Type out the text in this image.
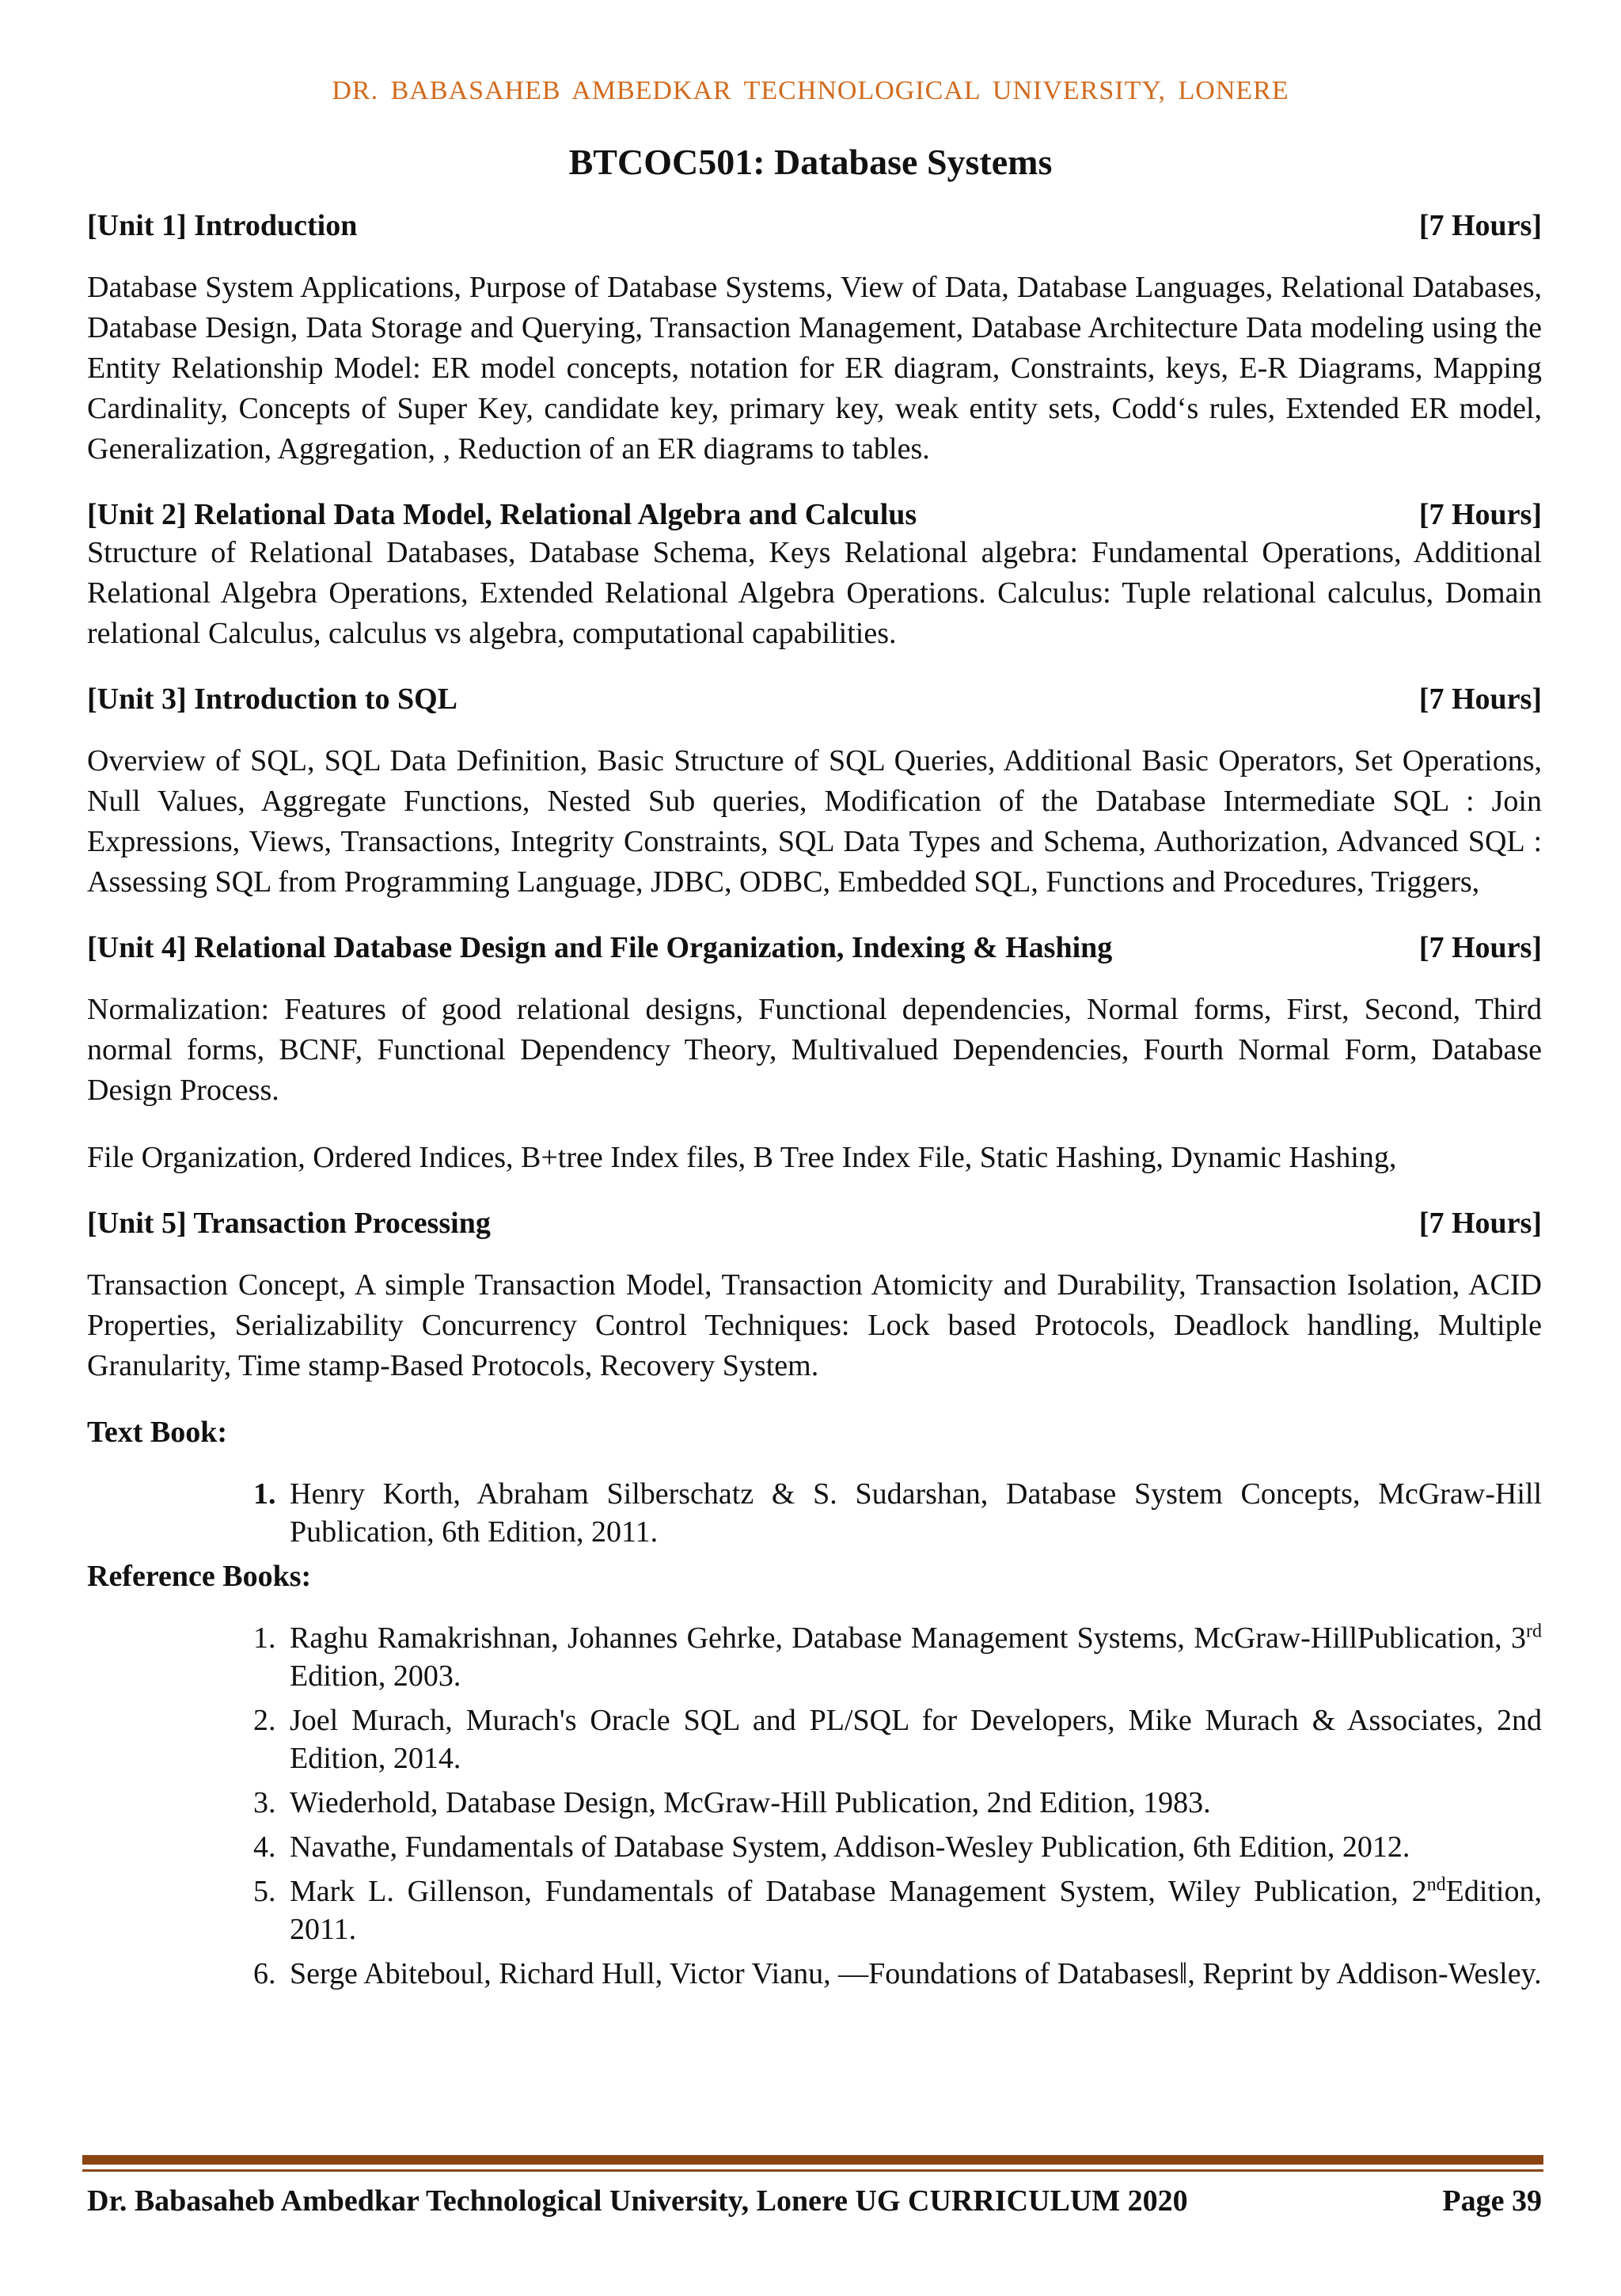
DR. BABASAHEB AMBEDKAR TECHNOLOGICAL UNIVERSITY, LONERE
BTCOC501: Database Systems
[Unit 1] Introduction	[7 Hours]

Database System Applications, Purpose of Database Systems, View of Data, Database Languages, Relational Databases, Database Design, Data Storage and Querying, Transaction Management, Database Architecture Data modeling using the Entity Relationship Model: ER model concepts, notation for ER diagram, Constraints, keys, E-R Diagrams, Mapping Cardinality, Concepts of Super Key, candidate key, primary key, weak entity sets, Codd‘s rules, Extended ER model, Generalization, Aggregation, , Reduction of an ER diagrams to tables.

[Unit 2] Relational Data Model, Relational Algebra and Calculus	[7 Hours]

Structure of Relational Databases, Database Schema, Keys Relational algebra: Fundamental Operations, Additional Relational Algebra Operations, Extended Relational Algebra Operations. Calculus: Tuple relational calculus, Domain relational Calculus, calculus vs algebra, computational capabilities.

[Unit 3] Introduction to SQL	[7 Hours]

Overview of SQL, SQL Data Definition, Basic Structure of SQL Queries, Additional Basic Operators, Set Operations, Null Values, Aggregate Functions, Nested Sub queries, Modification of the Database Intermediate SQL : Join Expressions, Views, Transactions, Integrity Constraints, SQL Data Types and Schema, Authorization, Advanced SQL : Assessing SQL from Programming Language, JDBC, ODBC, Embedded SQL, Functions and Procedures, Triggers,

[Unit 4] Relational Database Design and File Organization, Indexing & Hashing	[7 Hours]

Normalization: Features of good relational designs, Functional dependencies, Normal forms, First, Second, Third normal forms, BCNF, Functional Dependency Theory, Multivalued Dependencies, Fourth Normal Form, Database Design Process.

File Organization, Ordered Indices, B+tree Index files, B Tree Index File, Static Hashing, Dynamic Hashing,

[Unit 5] Transaction Processing	[7 Hours]

Transaction Concept, A simple Transaction Model, Transaction Atomicity and Durability, Transaction Isolation, ACID Properties, Serializability Concurrency Control Techniques: Lock based Protocols, Deadlock handling, Multiple Granularity, Time stamp-Based Protocols, Recovery System.

Text Book:

1. Henry Korth, Abraham Silberschatz & S. Sudarshan, Database System Concepts, McGraw-Hill Publication, 6th Edition, 2011.

Reference Books:

1. Raghu Ramakrishnan, Johannes Gehrke, Database Management Systems, McGraw-HillPublication, 3rd Edition, 2003.
2. Joel Murach, Murach's Oracle SQL and PL/SQL for Developers, Mike Murach & Associates, 2nd Edition, 2014.
3. Wiederhold, Database Design, McGraw-Hill Publication, 2nd Edition, 1983.
4. Navathe, Fundamentals of Database System, Addison-Wesley Publication, 6th Edition, 2012.
5. Mark L. Gillenson, Fundamentals of Database Management System, Wiley Publication, 2ndEdition, 2011.
6. Serge Abiteboul, Richard Hull, Victor Vianu, ―Foundations of Databases‖, Reprint by Addison-Wesley.
Dr. Babasaheb Ambedkar Technological University, Lonere UG CURRICULUM 2020	Page 39
